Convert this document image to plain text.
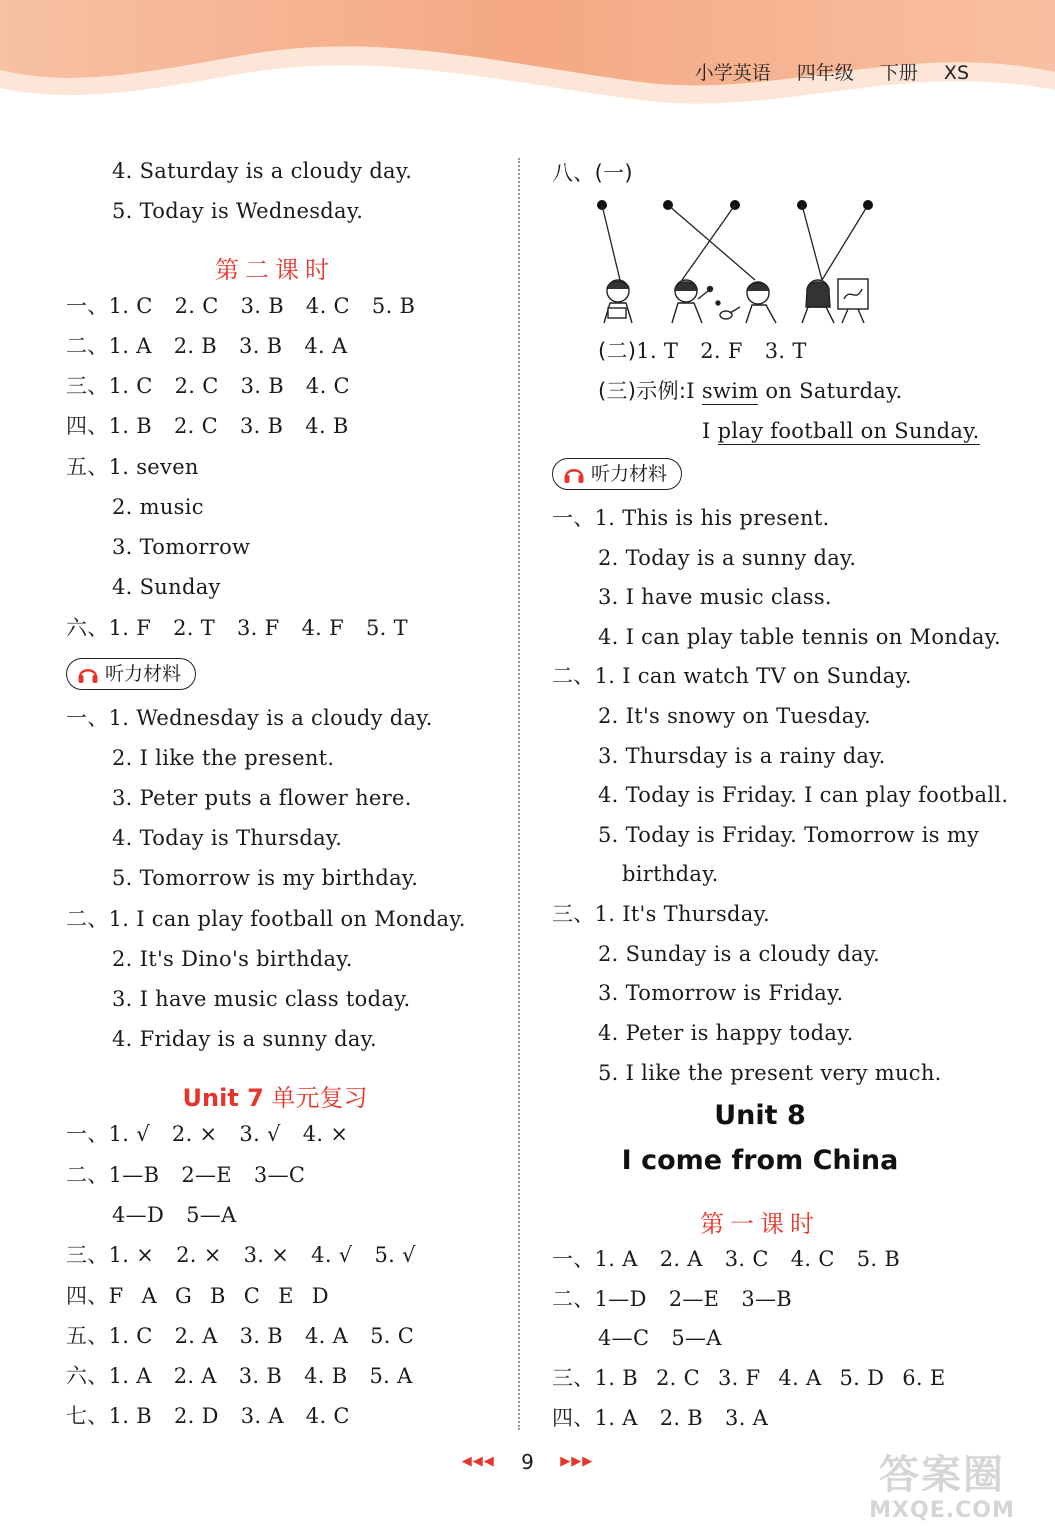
小学英语 四年级 下册 XS
4. Saturday is a cloudy day.
5. Today is Wednesday.
第二课时
一、1. C 2. C 3. B 4. C 5. B
二、1. A 2. B 3. B 4. A
三、1. C 2. C 3. B 4. C
四、1. B 2. C 3. B 4. B
五、1. seven
2. music
3. Tomorrow
4. Sunday
六、1. F 2. T 3. F 4. F 5. T
听力材料
一、1. Wednesday is a cloudy day.
2. I like the present.
3. Peter puts a flower here.
4. Today is Thursday.
5. Tomorrow is my birthday.
二、1. I can play football on Monday.
2. It's Dino's birthday.
3. I have music class today.
4. Friday is a sunny day.
Unit 7 单元复习
一、1. √ 2. × 3. √ 4. ×
二、1—B 2—E 3—C
4—D 5—A
三、1. × 2. × 3. × 4. √ 5. √
四、F A G B C E D
五、1. C 2. A 3. B 4. A 5. C
六、1. A 2. A 3. B 4. B 5. A
七、1. B 2. D 3. A 4. C
八、(一)
(二)1. T 2. F 3. T
(三)示例:I swim on Saturday.
I play football on Sunday.
听力材料
一、1. This is his present.
2. Today is a sunny day.
3. I have music class.
4. I can play table tennis on Monday.
二、1. I can watch TV on Sunday.
2. It's snowy on Tuesday.
3. Thursday is a rainy day.
4. Today is Friday. I can play football.
5. Today is Friday. Tomorrow is my
birthday.
三、1. It's Thursday.
2. Sunday is a cloudy day.
3. Tomorrow is Friday.
4. Peter is happy today.
5. I like the present very much.
Unit 8
I come from China
第一课时
一、1. A 2. A 3. C 4. C 5. B
二、1—D 2—E 3—B
4—C 5—A
三、1. B 2. C 3. F 4. A 5. D 6. E
四、1. A 2. B 3. A
◀◀◀ 9 ▶▶▶	答案圈
MXQE.COM
